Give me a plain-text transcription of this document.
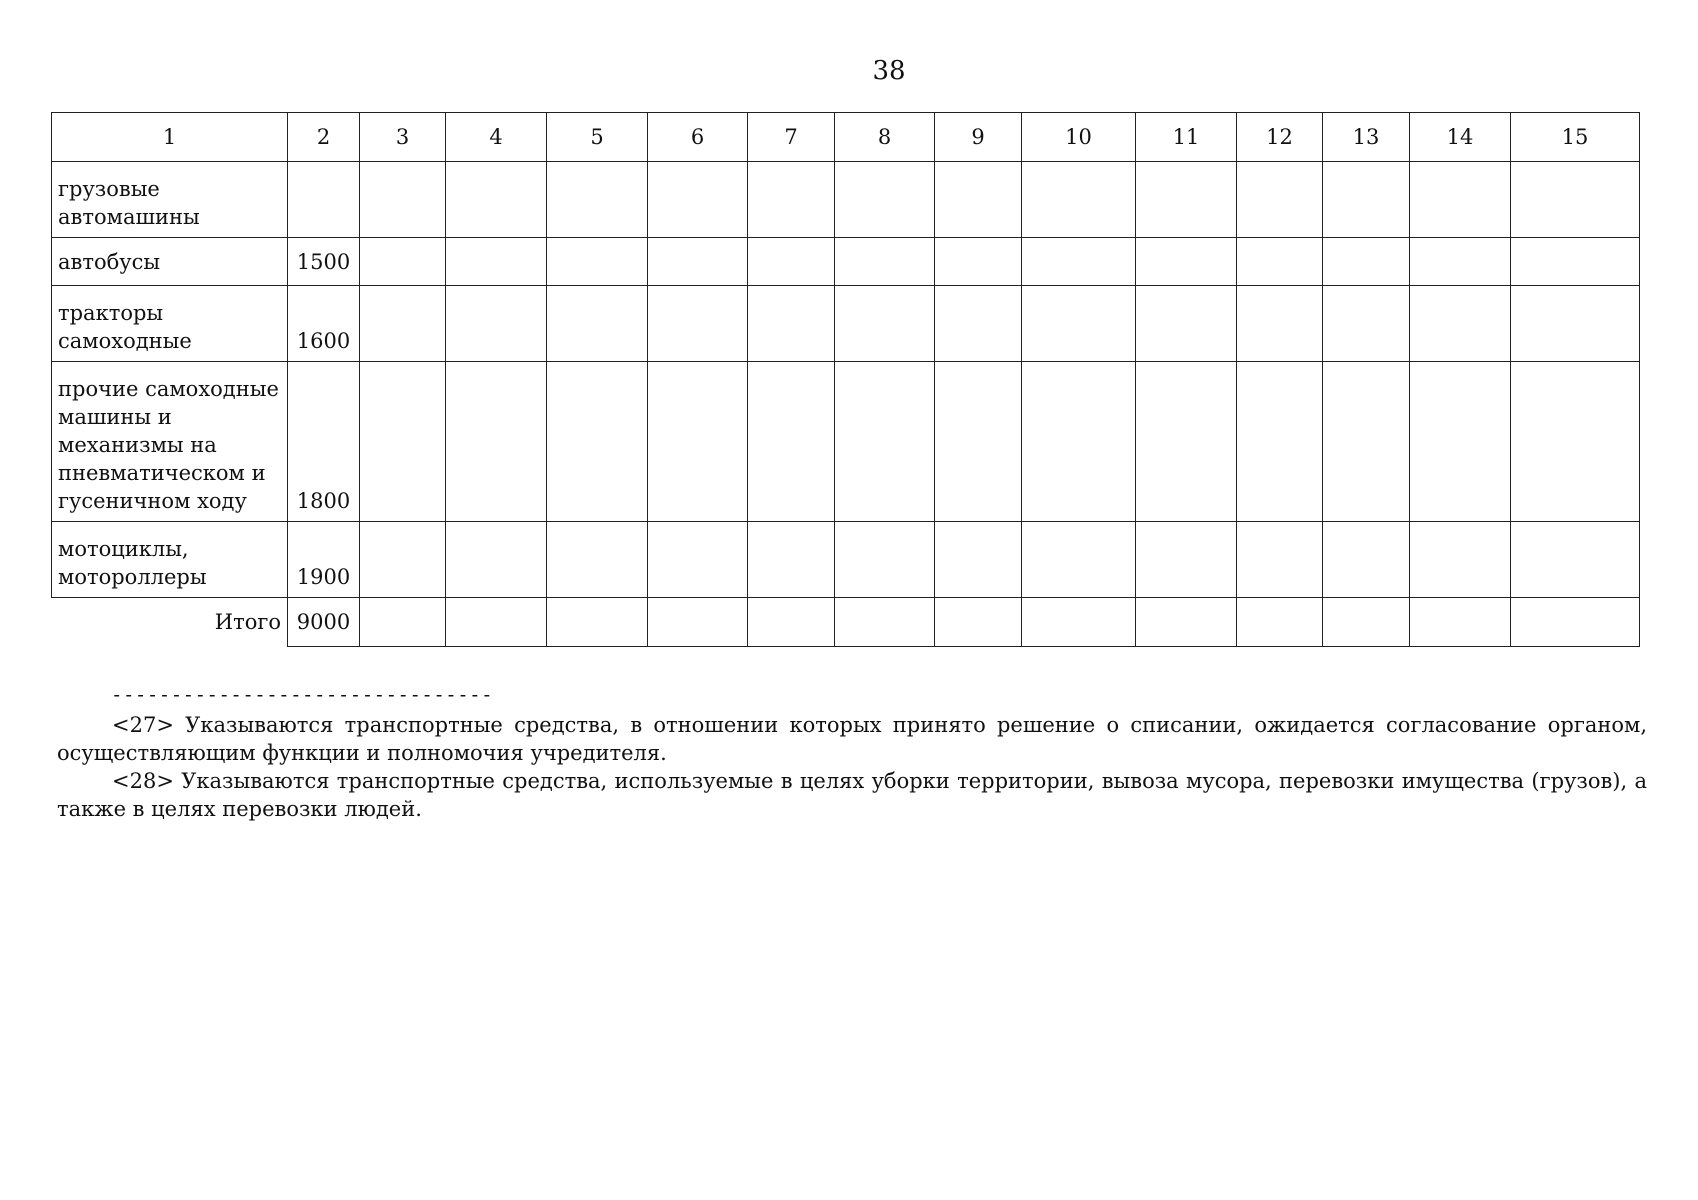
38
1	2	3	4	5	6	7	8	9	10	11	12	13	14	15

грузовые автомашины														

автобусы	1500													

тракторы самоходные	1600													

прочие самоходные машины и механизмы на пневматическом и гусеничном ходу	1800													

мотоциклы, мотороллеры	1900													

Итого	9000													
--------------------------------

<27> Указываются транспортные средства, в отношении которых принято решение о списании, ожидается согласование органом, осуществляющим функции и полномочия учредителя.

<28> Указываются транспортные средства, используемые в целях уборки территории, вывоза мусора, перевозки имущества (грузов), а также в целях перевозки людей.
